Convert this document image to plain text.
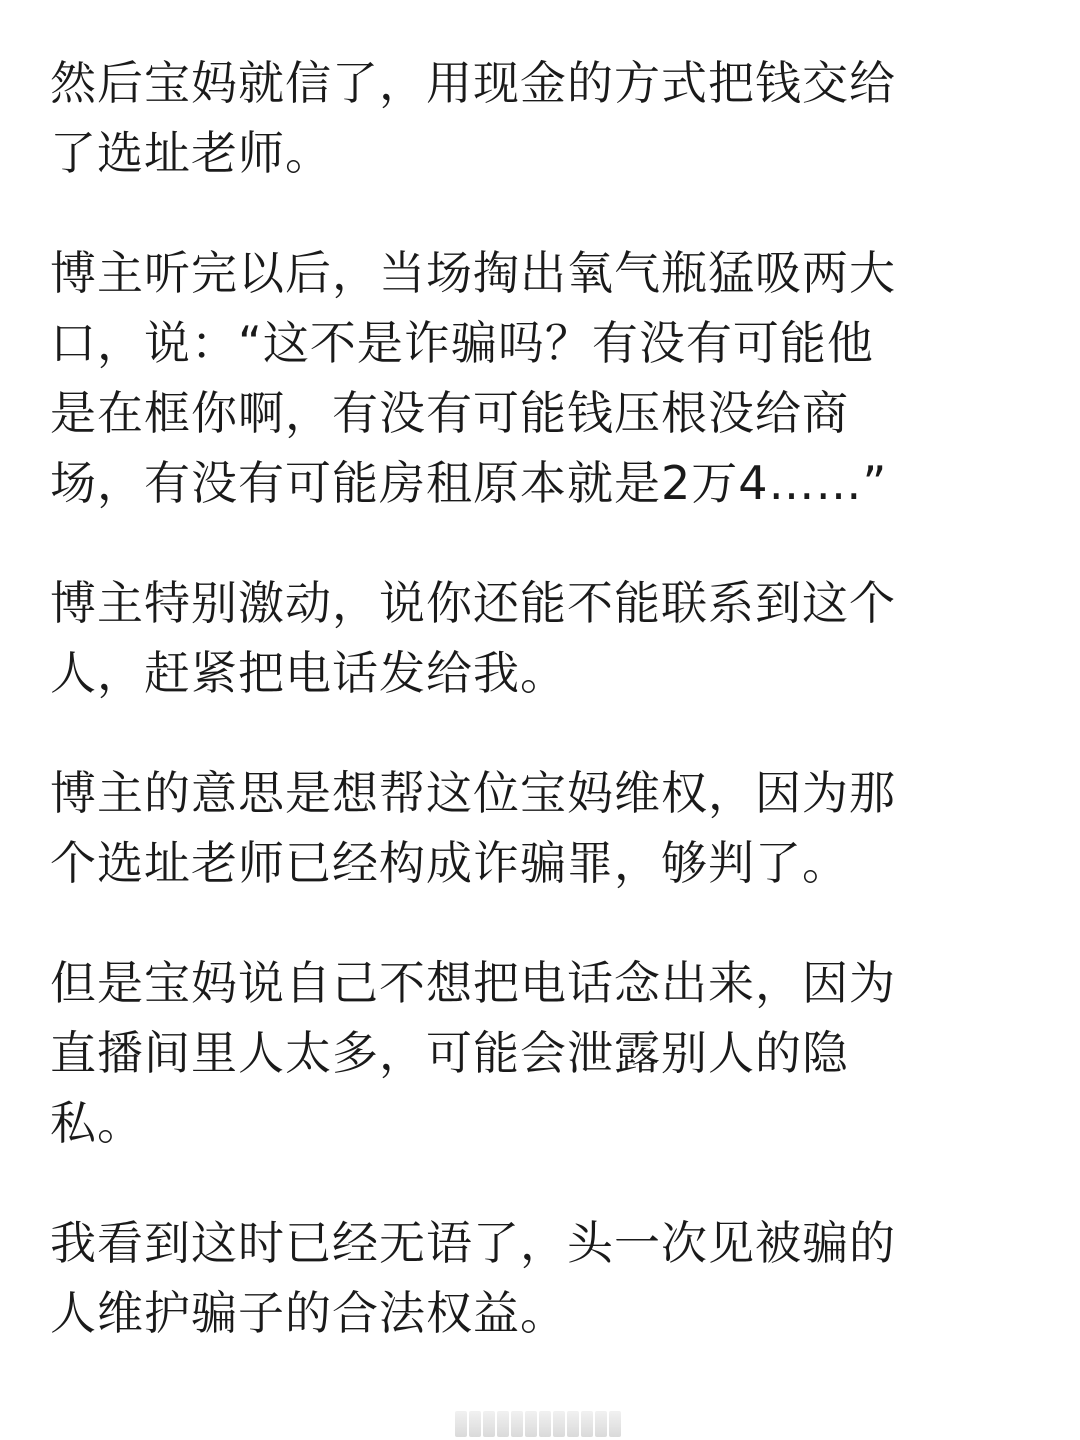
然后宝妈就信了，用现金的方式把钱交给
了选址老师。

博主听完以后，当场掏出氧气瓶猛吸两大
口，说：“这不是诈骗吗？有没有可能他
是在框你啊，有没有可能钱压根没给商
场，有没有可能房租原本就是2万4……”

博主特别激动，说你还能不能联系到这个
人，赶紧把电话发给我。

博主的意思是想帮这位宝妈维权，因为那
个选址老师已经构成诈骗罪，够判了。

但是宝妈说自己不想把电话念出来，因为
直播间里人太多，可能会泄露别人的隐
私。

我看到这时已经无语了，头一次见被骗的
人维护骗子的合法权益。
